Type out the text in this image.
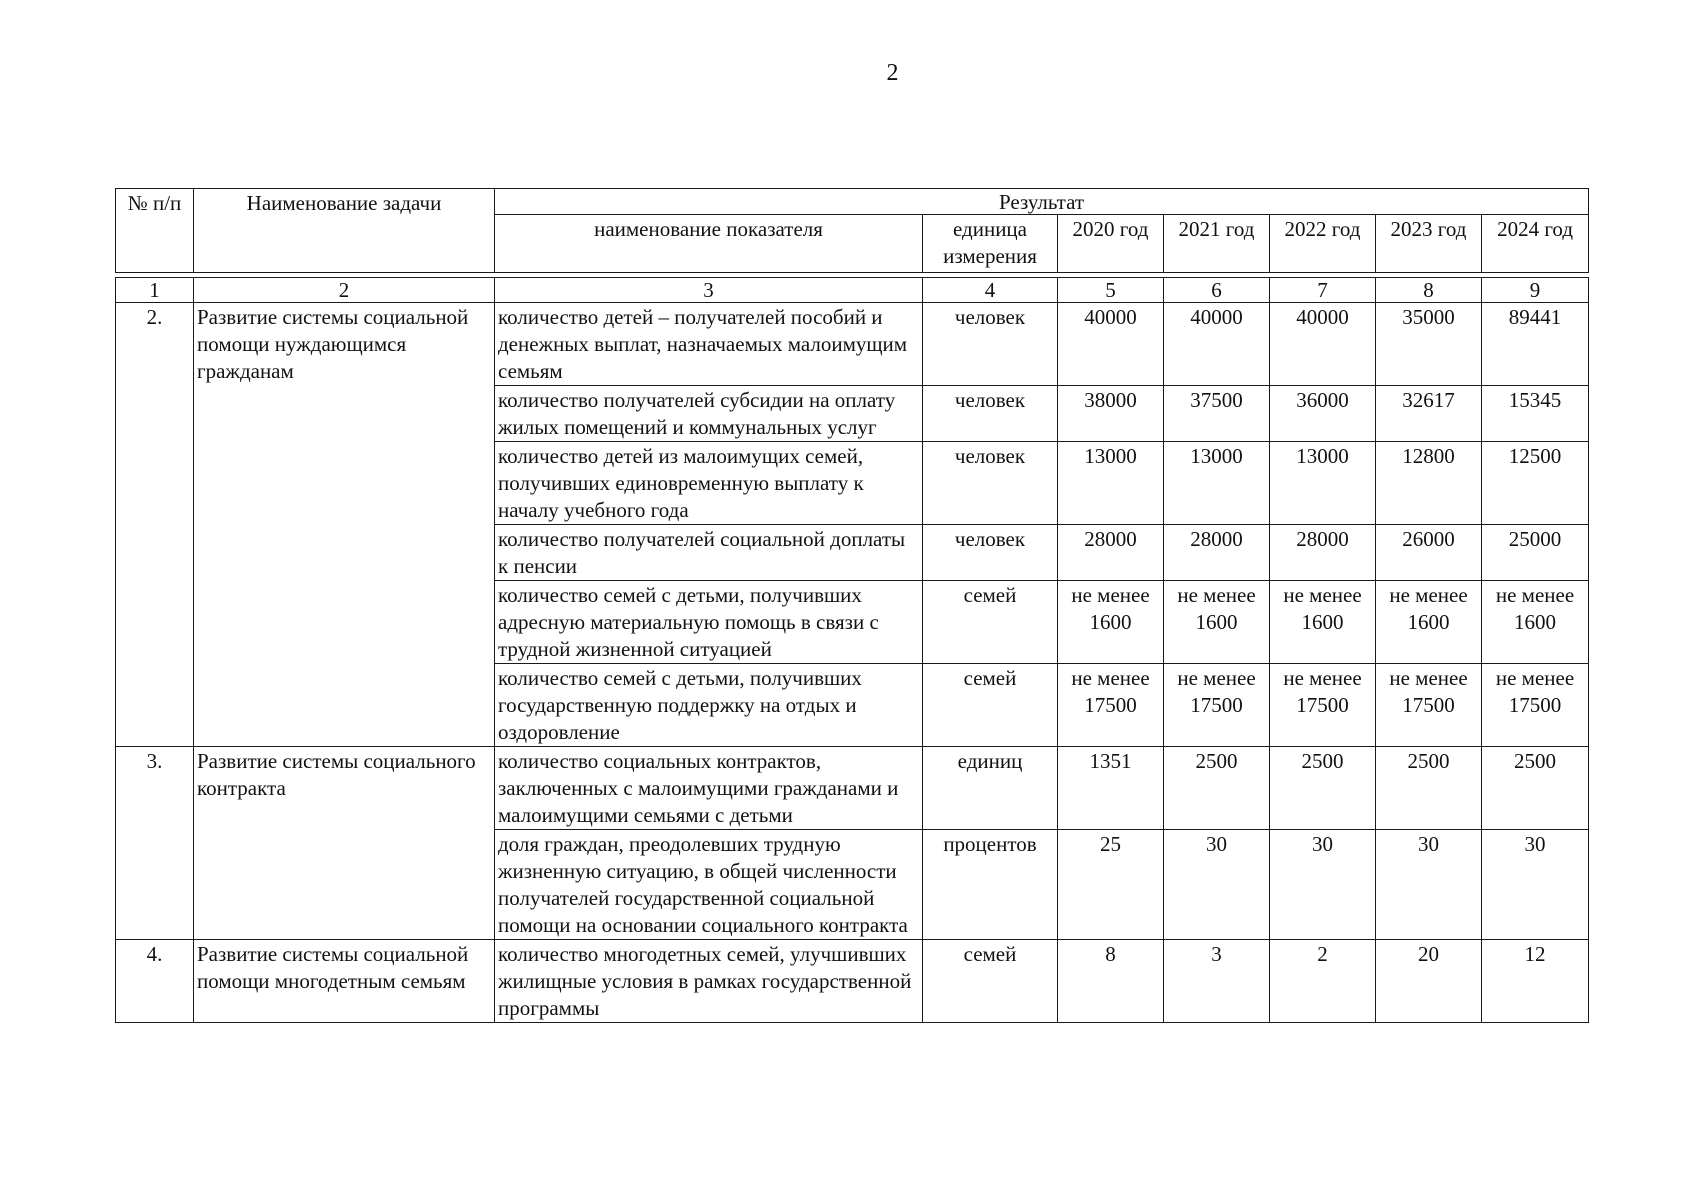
2
№ п/п	Наименование задачи	Результат						
		наименование показателя	единица измерения	2020 год	2021 год	2022 год	2023 год	2024 год

1	2	3	4	5	6	7	8	9
2.	Развитие системы социальной помощи нуждающимся гражданам	количество детей – получателей пособий и денежных выплат, назначаемых малоимущим семьям	человек	40000	40000	40000	35000	89441
		количество получателей субсидии на оплату жилых помещений и коммунальных услуг	человек	38000	37500	36000	32617	15345
		количество детей из малоимущих семей, получивших единовременную выплату к началу учебного года	человек	13000	13000	13000	12800	12500
		количество получателей социальной доплаты к пенсии	человек	28000	28000	28000	26000	25000
		количество семей с детьми, получивших адресную материальную помощь в связи с трудной жизненной ситуацией	семей	не менее 1600	не менее 1600	не менее 1600	не менее 1600	не менее 1600
		количество семей с детьми, получивших государственную поддержку на отдых и оздоровление	семей	не менее 17500	не менее 17500	не менее 17500	не менее 17500	не менее 17500
3.	Развитие системы социального контракта	количество социальных контрактов, заключенных с малоимущими гражданами и малоимущими семьями с детьми	единиц	1351	2500	2500	2500	2500
		доля граждан, преодолевших трудную жизненную ситуацию, в общей численности получателей государственной социальной помощи на основании социального контракта	процентов	25	30	30	30	30
4.	Развитие системы социальной помощи многодетным семьям	количество многодетных семей, улучшивших жилищные условия в рамках государственной программы	семей	8	3	2	20	12
